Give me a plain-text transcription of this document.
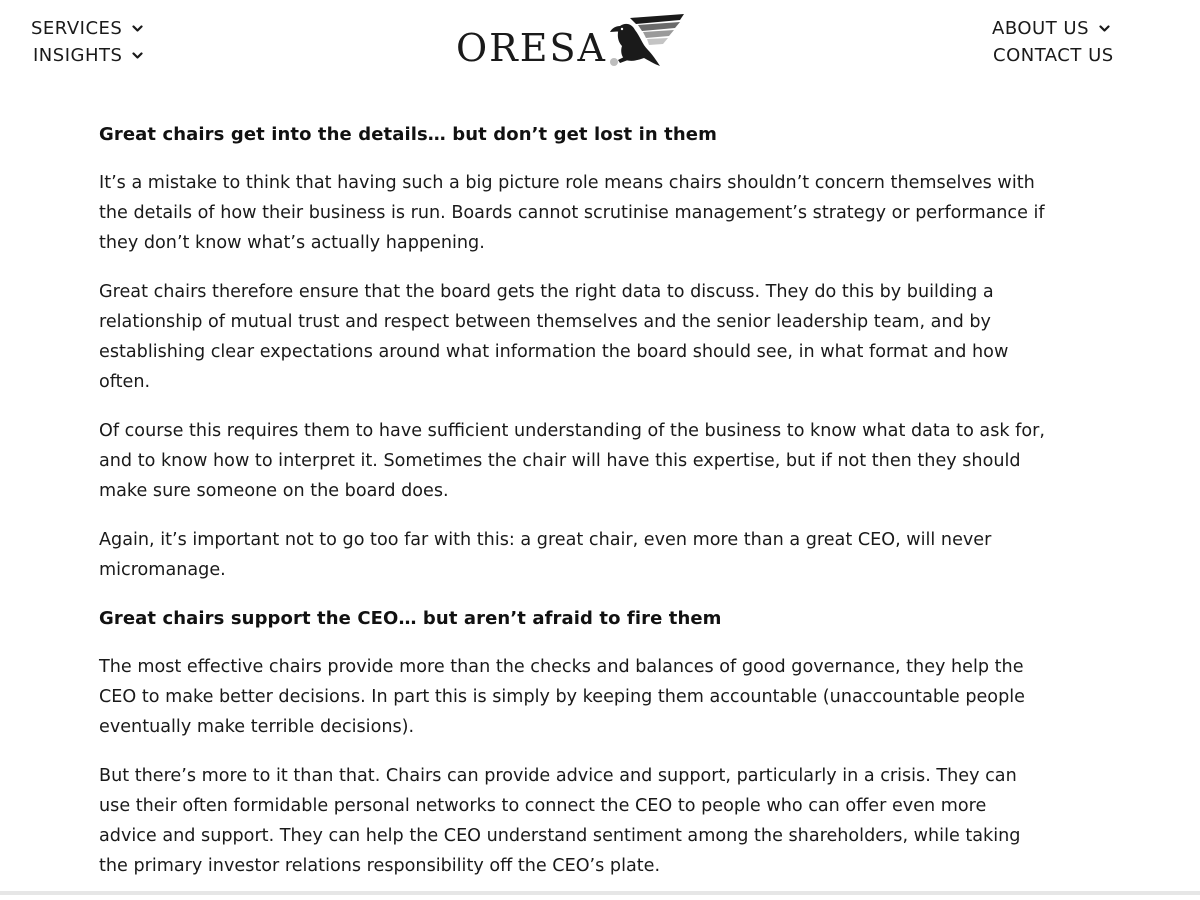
SERVICES
INSIGHTS	ORESA	ABOUT US
CONTACT US
Great chairs get into the details… but don’t get lost in them

It’s a mistake to think that having such a big picture role means chairs shouldn’t concern themselves with the details of how their business is run. Boards cannot scrutinise management’s strategy or performance if they don’t know what’s actually happening.

Great chairs therefore ensure that the board gets the right data to discuss. They do this by building a relationship of mutual trust and respect between themselves and the senior leadership team, and by establishing clear expectations around what information the board should see, in what format and how often.

Of course this requires them to have sufficient understanding of the business to know what data to ask for, and to know how to interpret it. Sometimes the chair will have this expertise, but if not then they should make sure someone on the board does.

Again, it’s important not to go too far with this: a great chair, even more than a great CEO, will never micromanage.

Great chairs support the CEO… but aren’t afraid to fire them

The most effective chairs provide more than the checks and balances of good governance, they help the CEO to make better decisions. In part this is simply by keeping them accountable (unaccountable people eventually make terrible decisions).

But there’s more to it than that. Chairs can provide advice and support, particularly in a crisis. They can use their often formidable personal networks to connect the CEO to people who can offer even more advice and support. They can help the CEO understand sentiment among the shareholders, while taking the primary investor relations responsibility off the CEO’s plate.
